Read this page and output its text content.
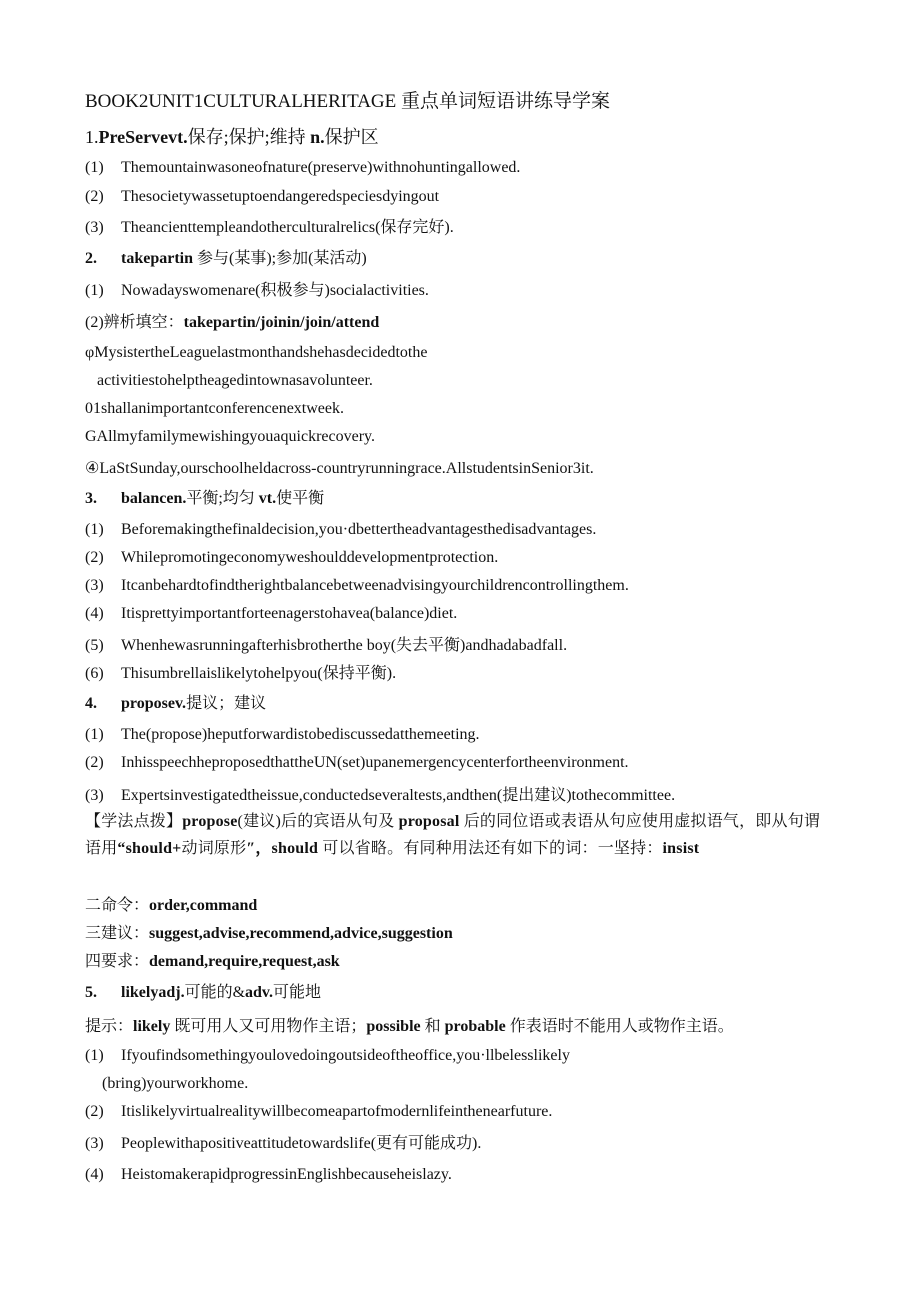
BOOK2UNIT1CULTURALHERITAGE 重点单词短语讲练导学案
1.PreServevt.保存;保护;维持 n.保护区
(1) Themountainwasoneofnature(preserve)withnohuntingallowed.
(2) Thesocietywassetuptoendangeredspeciesdyingout
(3) Theancienttempleandotherculturalrelics(保存完好).
2. takepartin 参与(某事);参加(某活动)
(1) Nowadayswomenare(积极参与)socialactivities.
(2)辨析填空：takepartin/joinin/join/attend
φMysistertheLeaguelastmonthandshehasdecidedtothe
activitiestohelptheagedintownasavolunteer.
01shallanimportantconferencenextweek.
GAllmyfamilymewishingyouaquickrecovery.
④LaStSunday,ourschoolheldacross-countryrunningrace.AllstudentsinSenior3it.
3. balancen.平衡;均匀 vt.使平衡
(1) Beforemakingthefinaldecision,you·dbettertheadvantagesthedisadvantages.
(2) Whilepromotingeconomyweshoulddevelopmentprotection.
(3) Itcanbehardtofindtherightbalancebetweenadvisingyourchildrencontrollingthem.
(4) Itisprettyimportantforteenagerstohavea(balance)diet.
(5) Whenhewasrunningafterhisbrotherthe boy(失去平衡)andhadabadfall.
(6) Thisumbrellaislikelytohelpyou(保持平衡).
4. proposev.提议；建议
(1) The(propose)heputforwardistobediscussedatthemeeting.
(2) InhisspeechheproposedthattheUN(set)upanemergencycenterfortheenvironment.
(3) Expertsinvestigatedtheissue,conductedseveraltests,andthen(提出建议)tothecommittee.
【学法点拨】propose(建议)后的宾语从句及 proposal 后的同位语或表语从句应使用虚拟语气，即从句谓语用“should+动词原形″，should 可以省略。有同种用法还有如下的词：一坚持：insist
二命令：order,command
三建议：suggest,advise,recommend,advice,suggestion
四要求：demand,require,request,ask
5. likelyadj.可能的&adv.可能地
提示：likely 既可用人又可用物作主语；possible 和 probable 作表语时不能用人或物作主语。
(1) Ifyoufindsomethingyoulovedoingoutsideoftheoffice,you·llbelesslikely
(bring)yourworkhome.
(2) Itislikelyvirtualrealitywillbecomeapartofmodernlifeinthenearfuture.
(3) Peoplewithapositiveattitudetowardslife(更有可能成功).
(4) HeistomakerapidprogressinEnglishbecauseheislazy.
